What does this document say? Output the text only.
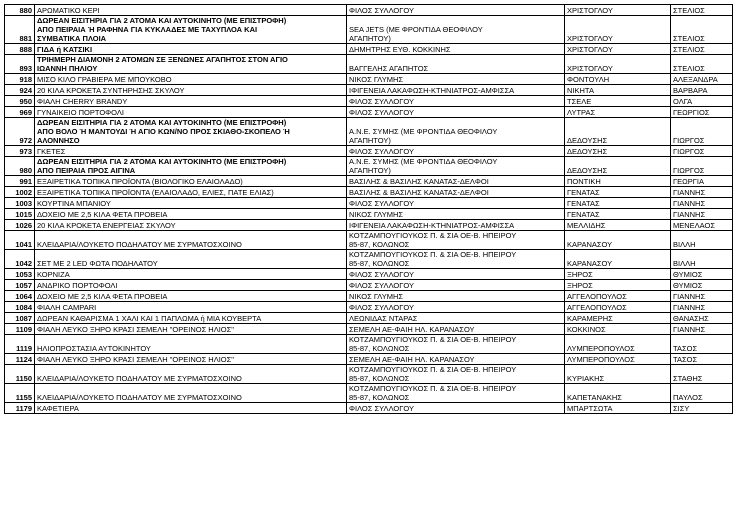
880	ΑΡΩΜΑΤΙΚΟ ΚΕΡΙ	ΦΙΛΟΣ ΣΥΛΛΟΓΟΥ	ΧΡΙΣΤΟΓΛΟΥ	ΣΤΕΛΙΟΣ
881	ΔΩΡΕΑΝ ΕΙΣΙΤΗΡΙΑ ΓΙΑ 2 ΑΤΟΜΑ ΚΑΙ ΑΥΤΟΚΙΝΗΤΟ (ΜΕ ΕΠΙΣΤΡΟΦΗ)
ΑΠΟ ΠΕΙΡΑΙΑ Ή ΡΑΦΗΝΑ ΓΙΑ ΚΥΚΛΑΔΕΣ ΜΕ ΤΑΧΥΠΛΟΑ ΚΑΙ
ΣΥΜΒΑΤΙΚΑ ΠΛΟΙΑ	SEA JETS (ΜΕ ΦΡΟΝΤΙΔΑ ΘΕΟΦΙΛΟΥ
ΑΓΑΠΗΤΟΥ)	ΧΡΙΣΤΟΓΛΟΥ	ΣΤΕΛΙΟΣ
888	ΓΙΔΑ ή ΚΑΤΣΙΚΙ	ΔΗΜΗΤΡΗΣ ΕΥΘ. ΚΟΚΚΙΝΗΣ	ΧΡΙΣΤΟΓΛΟΥ	ΣΤΕΛΙΟΣ
893	ΤΡΙΗΜΕΡΗ ΔΙΑΜΟΝΗ 2 ΑΤΟΜΩΝ ΣΕ ΞΕΝΩΝΕΣ ΑΓΑΠΗΤΟΣ ΣΤΟΝ ΑΓΙΟ
ΙΩΑΝΝΗ ΠΗΛΙΟΥ	ΒΑΓΓΕΛΗΣ ΑΓΑΠΗΤΟΣ	ΧΡΙΣΤΟΓΛΟΥ	ΣΤΕΛΙΟΣ
918	ΜΙΣΟ ΚΙΛΟ ΓΡΑΒΙΕΡΑ ΜΕ ΜΠΟΥΚΟΒΟ	ΝΙΚΟΣ ΓΛΥΜΗΣ	ΦΟΝΤΟΥΛΗ	ΑΛΕΞΑΝΔΡΑ
924	20 ΚΙΛΑ ΚΡΟΚΕΤΑ ΣΥΝΤΗΡΗΣΗΣ ΣΚΥΛΟΥ	ΙΦΙΓΕΝΕΙΑ ΛΑΚΑΦΩΣΗ-ΚΤΗΝΙΑΤΡΟΣ-ΑΜΦΙΣΣΑ	ΝΙΚΗΤΑ	ΒΑΡΒΑΡΑ
950	ΦΙΑΛΗ CHERRY BRANDY	ΦΙΛΟΣ ΣΥΛΛΟΓΟΥ	ΤΣΕΛΕ	ΟΛΓΑ
969	ΓΥΝΑΙΚΕΙΟ ΠΟΡΤΟΦΟΛΙ	ΦΙΛΟΣ ΣΥΛΛΟΓΟΥ	ΛΥΤΡΑΣ	ΓΕΩΡΓΙΟΣ
972	ΔΩΡΕΑΝ ΕΙΣΙΤΗΡΙΑ ΓΙΑ 2 ΑΤΟΜΑ ΚΑΙ ΑΥΤΟΚΙΝΗΤΟ (ΜΕ ΕΠΙΣΤΡΟΦΗ)
ΑΠΟ ΒΟΛΟ Ή ΜΑΝΤΟΥΔΙ Ή ΑΓΙΟ ΚΩΝ/ΝΟ ΠΡΟΣ ΣΚΙΑΘΟ-ΣΚΟΠΕΛΟ Ή
ΑΛΟΝΝΗΣΟ	Α.Ν.Ε. ΣΥΜΗΣ (ΜΕ ΦΡΟΝΤΙΔΑ ΘΕΟΦΙΛΟΥ
ΑΓΑΠΗΤΟΥ)	ΔΕΔΟΥΣΗΣ	ΓΙΩΡΓΟΣ
973	ΓΚΕΤΕΣ	ΦΙΛΟΣ ΣΥΛΛΟΓΟΥ	ΔΕΔΟΥΣΗΣ	ΓΙΩΡΓΟΣ
980	ΔΩΡΕΑΝ ΕΙΣΙΤΗΡΙΑ ΓΙΑ 2 ΑΤΟΜΑ ΚΑΙ ΑΥΤΟΚΙΝΗΤΟ (ΜΕ ΕΠΙΣΤΡΟΦΗ)
ΑΠΟ ΠΕΙΡΑΙΑ ΠΡΟΣ ΑΙΓΙΝΑ	Α.Ν.Ε. ΣΥΜΗΣ (ΜΕ ΦΡΟΝΤΙΔΑ ΘΕΟΦΙΛΟΥ
ΑΓΑΠΗΤΟΥ)	ΔΕΔΟΥΣΗΣ	ΓΙΩΡΓΟΣ
991	ΕΞΑΙΡΕΤΙΚΑ ΤΟΠΙΚΑ ΠΡΟΪΟΝΤΑ (ΒΙΟΛΟΓΙΚΟ ΕΛΑΙΟΛΑΔΟ)	ΒΑΣΙΛΗΣ & ΒΑΣΙΛΗΣ ΚΑΝΑΤΑΣ-ΔΕΛΦΟΙ	ΠΟΝΤΙΚΗ	ΓΕΩΡΓΙΑ
1002	ΕΞΑΙΡΕΤΙΚΑ ΤΟΠΙΚΑ ΠΡΟΪΟΝΤΑ (ΕΛΑΙΟΛΑΔΟ, ΕΛΙΕΣ, ΠΑΤΕ ΕΛΙΑΣ)	ΒΑΣΙΛΗΣ & ΒΑΣΙΛΗΣ ΚΑΝΑΤΑΣ-ΔΕΛΦΟΙ	ΓΕΝΑΤΑΣ	ΓΙΑΝΝΗΣ
1003	ΚΟΥΡΤΙΝΑ ΜΠΑΝΙΟΥ	ΦΙΛΟΣ ΣΥΛΛΟΓΟΥ	ΓΕΝΑΤΑΣ	ΓΙΑΝΝΗΣ
1015	ΔΟΧΕΙΟ ΜΕ 2,5 ΚΙΛΑ ΦΕΤΑ ΠΡΟΒΕΙΑ	ΝΙΚΟΣ ΓΛΥΜΗΣ	ΓΕΝΑΤΑΣ	ΓΙΑΝΝΗΣ
1026	20 ΚΙΛΑ ΚΡΟΚΕΤΑ ΕΝΕΡΓΕΙΑΣ ΣΚΥΛΟΥ	ΙΦΙΓΕΝΕΙΑ ΛΑΚΑΦΩΣΗ-ΚΤΗΝΙΑΤΡΟΣ-ΑΜΦΙΣΣΑ	ΜΕΛΛΙΔΗΣ	ΜΕΝΕΛΑΟΣ
1041	ΚΛΕΙΔΑΡΙΑ/ΛΟΥΚΕΤΟ ΠΟΔΗΛΑΤΟΥ ΜΕ ΣΥΡΜΑΤΟΣΧΟΙΝΟ	ΚΟΤΖΑΜΠΟΥΓΙΟΥΚΟΣ Π. & ΣΙΑ ΟΕ-Β. ΗΠΕΙΡΟΥ
85-87, ΚΟΛΩΝΟΣ	ΚΑΡΑΝΑΣΟΥ	ΒΙΛΛΗ
1042	ΣΕΤ ΜΕ 2 LED ΦΩΤΑ ΠΟΔΗΛΑΤΟΥ	ΚΟΤΖΑΜΠΟΥΓΙΟΥΚΟΣ Π. & ΣΙΑ ΟΕ-Β. ΗΠΕΙΡΟΥ
85-87, ΚΟΛΩΝΟΣ	ΚΑΡΑΝΑΣΟΥ	ΒΙΛΛΗ
1053	ΚΟΡΝΙΖΑ	ΦΙΛΟΣ ΣΥΛΛΟΓΟΥ	ΞΗΡΟΣ	ΘΥΜΙΟΣ
1057	ΑΝΔΡΙΚΟ ΠΟΡΤΟΦΟΛΙ	ΦΙΛΟΣ ΣΥΛΛΟΓΟΥ	ΞΗΡΟΣ	ΘΥΜΙΟΣ
1064	ΔΟΧΕΙΟ ΜΕ 2,5 ΚΙΛΑ ΦΕΤΑ ΠΡΟΒΕΙΑ	ΝΙΚΟΣ ΓΛΥΜΗΣ	ΑΓΓΕΛΟΠΟΥΛΟΣ	ΓΙΑΝΝΗΣ
1084	ΦΙΑΛΗ CAMPARI	ΦΙΛΟΣ ΣΥΛΛΟΓΟΥ	ΑΓΓΕΛΟΠΟΥΛΟΣ	ΓΙΑΝΝΗΣ
1087	ΔΩΡΕΑΝ ΚΑΘΑΡΙΣΜΑ 1 ΧΑΛΙ ΚΑΙ 1 ΠΑΠΛΩΜΑ ή ΜΙΑ ΚΟΥΒΕΡΤΑ	ΛΕΩΝΙΔΑΣ ΝΤΑΡΑΣ	ΚΑΡΑΜΕΡΗΣ	ΘΑΝΑΣΗΣ
1109	ΦΙΑΛΗ ΛΕΥΚΟ ΞΗΡΟ ΚΡΑΣΙ ΣΕΜΕΛΗ "ΟΡΕΙΝΟΣ ΗΛΙΟΣ"	ΣΕΜΕΛΗ ΑΕ-ΦΑΙΗ ΗΛ. ΚΑΡΑΝΑΣΟΥ	ΚΟΚΚΙΝΟΣ	ΓΙΑΝΝΗΣ
1119	ΗΛΙΟΠΡΟΣΤΑΣΙΑ ΑΥΤΟΚΙΝΗΤΟΥ	ΚΟΤΖΑΜΠΟΥΓΙΟΥΚΟΣ Π. & ΣΙΑ ΟΕ-Β. ΗΠΕΙΡΟΥ
85-87, ΚΟΛΩΝΟΣ	ΛΥΜΠΕΡΟΠΟΥΛΟΣ	ΤΑΣΟΣ
1124	ΦΙΑΛΗ ΛΕΥΚΟ ΞΗΡΟ ΚΡΑΣΙ ΣΕΜΕΛΗ "ΟΡΕΙΝΟΣ ΗΛΙΟΣ"	ΣΕΜΕΛΗ ΑΕ-ΦΑΙΗ ΗΛ. ΚΑΡΑΝΑΣΟΥ	ΛΥΜΠΕΡΟΠΟΥΛΟΣ	ΤΑΣΟΣ
1150	ΚΛΕΙΔΑΡΙΑ/ΛΟΥΚΕΤΟ ΠΟΔΗΛΑΤΟΥ ΜΕ ΣΥΡΜΑΤΟΣΧΟΙΝΟ	ΚΟΤΖΑΜΠΟΥΓΙΟΥΚΟΣ Π. & ΣΙΑ ΟΕ-Β. ΗΠΕΙΡΟΥ
85-87, ΚΟΛΩΝΟΣ	ΚΥΡΙΑΚΗΣ	ΣΤΑΘΗΣ
1155	ΚΛΕΙΔΑΡΙΑ/ΛΟΥΚΕΤΟ ΠΟΔΗΛΑΤΟΥ ΜΕ ΣΥΡΜΑΤΟΣΧΟΙΝΟ	ΚΟΤΖΑΜΠΟΥΓΙΟΥΚΟΣ Π. & ΣΙΑ ΟΕ-Β. ΗΠΕΙΡΟΥ
85-87, ΚΟΛΩΝΟΣ	ΚΑΠΕΤΑΝΑΚΗΣ	ΠΑΥΛΟΣ
1179	ΚΑΦΕΤΙΕΡΑ	ΦΙΛΟΣ ΣΥΛΛΟΓΟΥ	ΜΠΑΡΤΣΩΤΑ	ΣΙΣΥ
